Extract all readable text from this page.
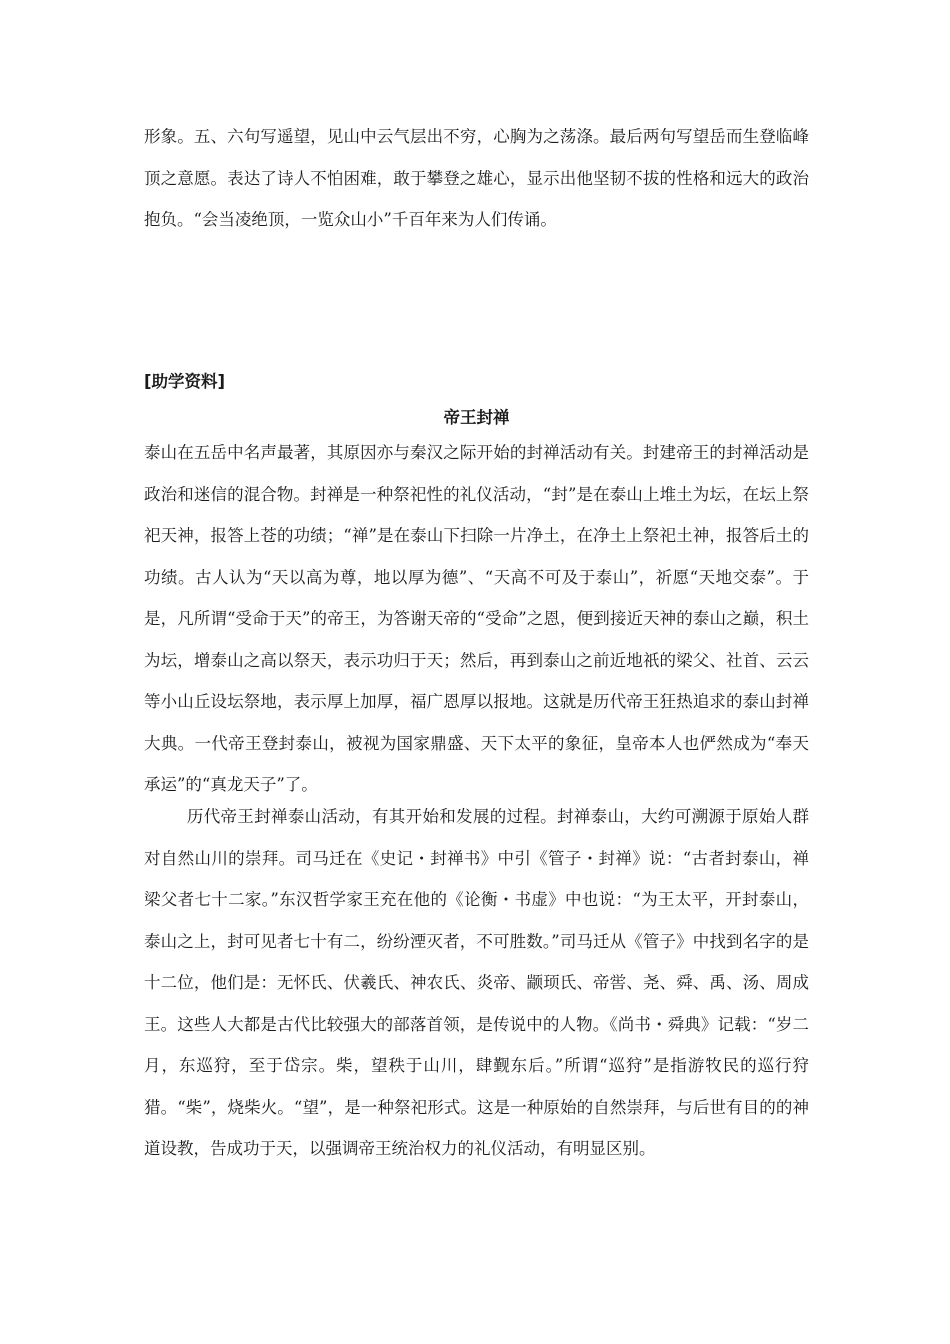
形象。五、六句写遥望，见山中云气层出不穷，心胸为之荡涤。最后两句写望岳而生登临峰顶之意愿。表达了诗人不怕困难，敢于攀登之雄心，显示出他坚韧不拔的性格和远大的政治抱负。“会当凌绝顶，一览众山小”千百年来为人们传诵。

[助学资料]

帝王封禅

泰山在五岳中名声最著，其原因亦与秦汉之际开始的封禅活动有关。封建帝王的封禅活动是政治和迷信的混合物。封禅是一种祭祀性的礼仪活动，“封”是在泰山上堆土为坛，在坛上祭祀天神，报答上苍的功绩；“禅”是在泰山下扫除一片净土，在净土上祭祀土神，报答后土的功绩。古人认为“天以高为尊，地以厚为德”、“天高不可及于泰山”，祈愿“天地交泰”。于是，凡所谓“受命于天”的帝王，为答谢天帝的“受命”之恩，便到接近天神的泰山之巅，积土为坛，增泰山之高以祭天，表示功归于天；然后，再到泰山之前近地祇的梁父、社首、云云等小山丘设坛祭地，表示厚上加厚，福广恩厚以报地。这就是历代帝王狂热追求的泰山封禅大典。一代帝王登封泰山，被视为国家鼎盛、天下太平的象征，皇帝本人也俨然成为“奉天承运”的“真龙天子”了。

历代帝王封禅泰山活动，有其开始和发展的过程。封禅泰山，大约可溯源于原始人群对自然山川的崇拜。司马迁在《史记・封禅书》中引《管子・封禅》说：“古者封泰山，禅梁父者七十二家。”东汉哲学家王充在他的《论衡・书虚》中也说：“为王太平，开封泰山，泰山之上，封可见者七十有二，纷纷湮灭者，不可胜数。”司马迁从《管子》中找到名字的是十二位，他们是：无怀氏、伏羲氏、神农氏、炎帝、颛顼氏、帝喾、尧、舜、禹、汤、周成王。这些人大都是古代比较强大的部落首领，是传说中的人物。《尚书・舜典》记载：“岁二月，东巡狩，至于岱宗。柴，望秩于山川，肆觐东后。”所谓“巡狩”是指游牧民的巡行狩猎。“柴”，烧柴火。“望”，是一种祭祀形式。这是一种原始的自然崇拜，与后世有目的的神道设教，告成功于天，以强调帝王统治权力的礼仪活动，有明显区别。
